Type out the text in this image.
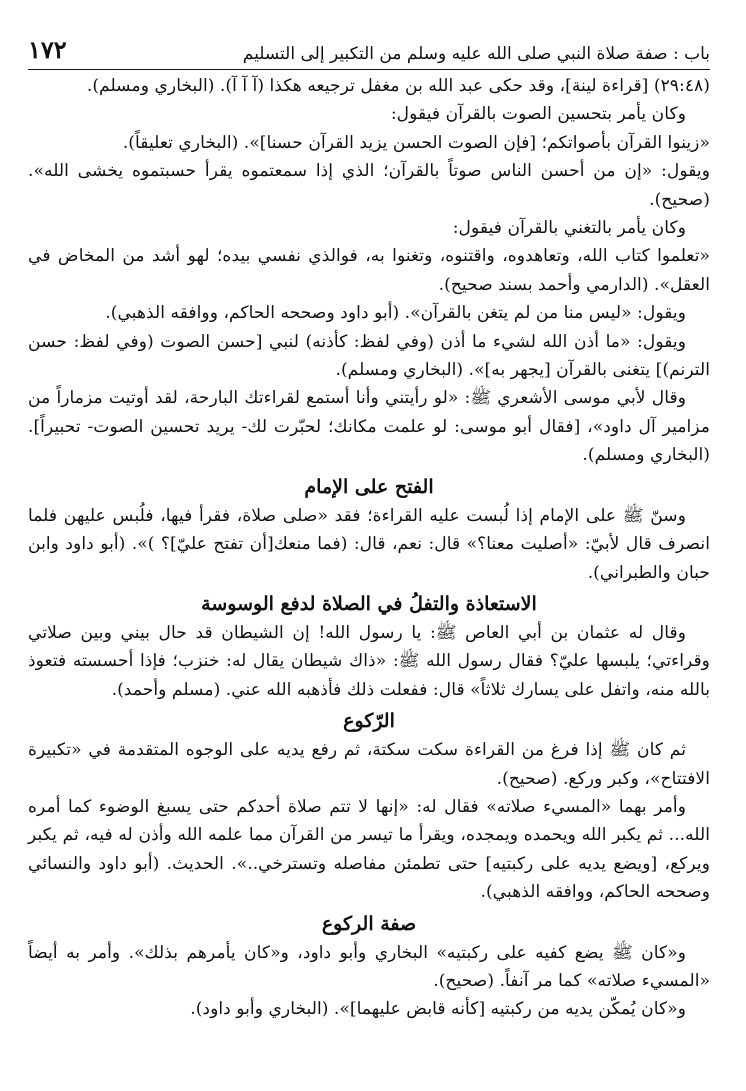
باب : صفة صلاة النبي صلى الله عليه وسلم من التكبير إلى التسليم
١٧٢

(٢٩:٤٨) [قراءة لينة]، وقد حكى عبد الله بن مغفل ترجيعه هكذا (آ آ آ). (البخاري ومسلم).

وكان يأمر بتحسين الصوت بالقرآن فيقول:

«زينوا القرآن بأصواتكم؛ [فإن الصوت الحسن يزيد القرآن حسنا]». (البخاري تعليقاً).

ويقول: «إن من أحسن الناس صوتاً بالقرآن؛ الذي إذا سمعتموه يقرأ حسبتموه يخشى الله». (صحيح).

وكان يأمر بالتغني بالقرآن فيقول:

«تعلموا كتاب الله، وتعاهدوه، واقتنوه، وتغنوا به، فوالذي نفسي بيده؛ لهو أشد من المخاض في العقل». (الدارمي وأحمد بسند صحيح).

ويقول: «ليس منا من لم يتغن بالقرآن». (أبو داود وصححه الحاكم، ووافقه الذهبي).

ويقول: «ما أذن الله لشيء ما أذن (وفي لفظ: كأذنه) لنبي [حسن الصوت (وفي لفظ: حسن الترنم)] يتغنى بالقرآن [يجهر به]». (البخاري ومسلم).

وقال لأبي موسى الأشعري ﷺ: «لو رأيتني وأنا أستمع لقراءتك البارحة، لقد أوتيت مزماراً من مزامير آل داود»، [فقال أبو موسى: لو علمت مكانك؛ لحبّرت لك- يريد تحسين الصوت- تحبيراً]. (البخاري ومسلم).

الفتح على الإمام

وسنّ ﷺ على الإمام إذا لُبست عليه القراءة؛ فقد «صلى صلاة، فقرأ فيها، فلُبس عليهن فلما انصرف قال لأبيّ: «أصليت معنا؟» قال: نعم، قال: (فما منعك[أن تفتح عليّ]؟ )». (أبو داود وابن حبان والطبراني).

الاستعاذة والتفلُ في الصلاة لدفع الوسوسة

وقال له عثمان بن أبي العاص ﷺ: يا رسول الله! إن الشيطان قد حال بيني وبين صلاتي وقراءتي؛ يلبسها عليّ؟ فقال رسول الله ﷺ: «ذاك شيطان يقال له: خنزب؛ فإذا أحسسته فتعوذ بالله منه، واتفل على يسارك ثلاثاً» قال: ففعلت ذلك فأذهبه الله عني. (مسلم وأحمد).

الرّكوع

ثم كان ﷺ إذا فرغ من القراءة سكت سكتة، ثم رفع يديه على الوجوه المتقدمة في «تكبيرة الافتتاح»، وكبر وركع. (صحيح).

وأمر بهما «المسيء صلاته» فقال له: «إنها لا تتم صلاة أحدكم حتى يسبغ الوضوء كما أمره الله... ثم يكبر الله ويحمده ويمجده، ويقرأ ما تيسر من القرآن مما علمه الله وأذن له فيه، ثم يكبر ويركع، [ويضع يديه على ركبتيه] حتى تطمئن مفاصله وتسترخي..». الحديث. (أبو داود والنسائي وصححه الحاكم، ووافقه الذهبي).

صفة الركوع

و«كان ﷺ يضع كفيه على ركبتيه» البخاري وأبو داود، و«كان يأمرهم بذلك». وأمر به أيضاً «المسيء صلاته» كما مر آنفاً. (صحيح).

و«كان يُمكّن يديه من ركبتيه [كأنه قابض عليهما]». (البخاري وأبو داود).
